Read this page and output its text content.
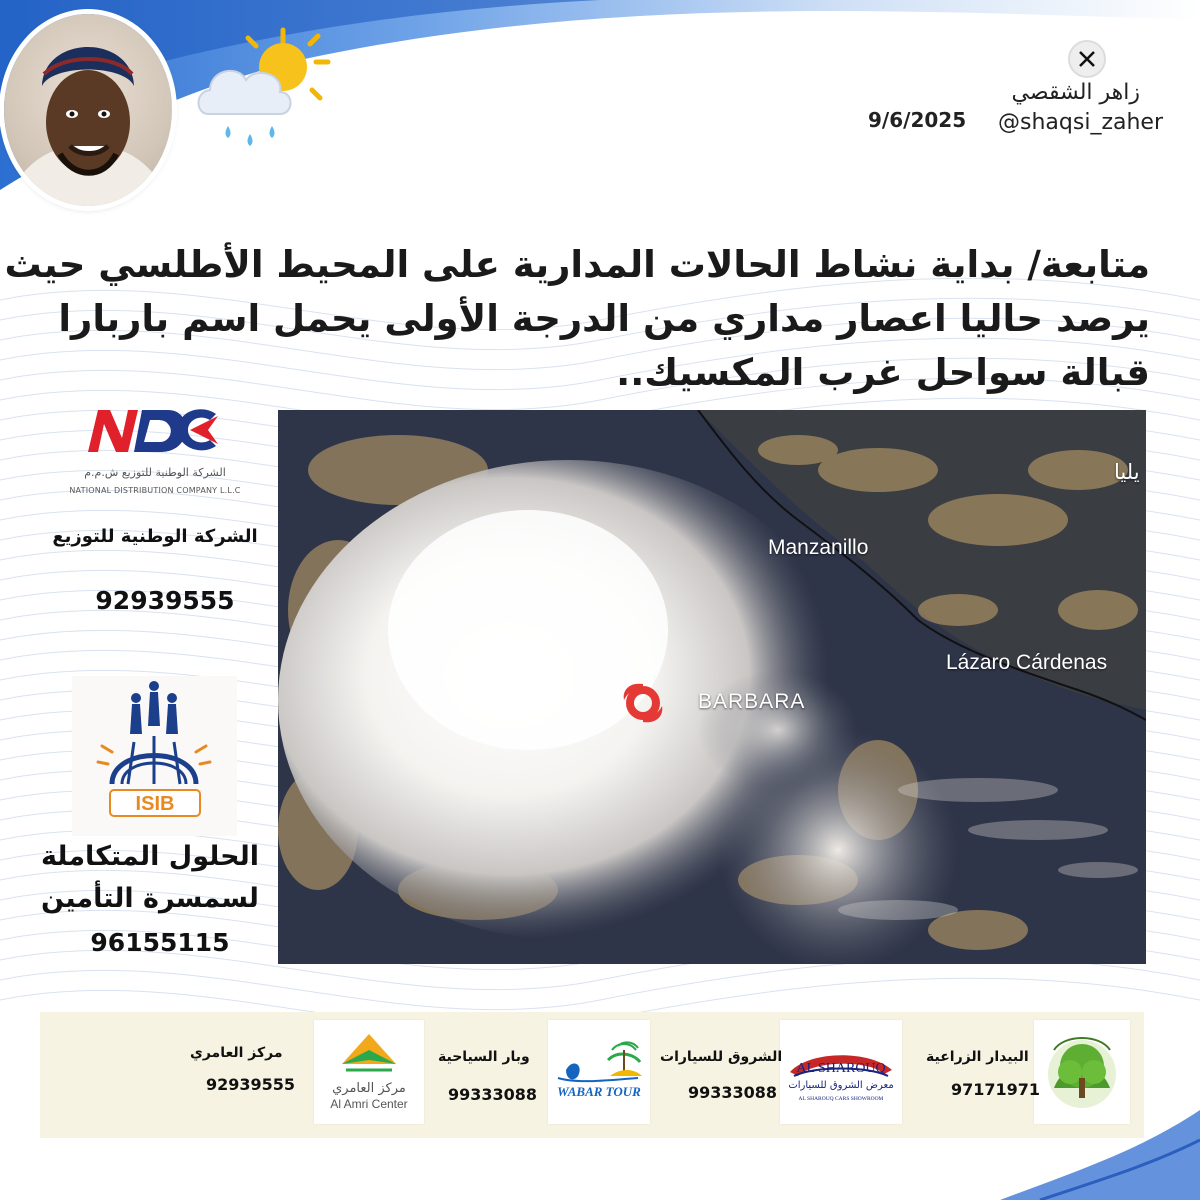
9/6/2025
زاهر الشقصي
@shaqsi_zaher
متابعة/ بداية نشاط الحالات المدارية على المحيط الأطلسي حيث
يرصد حاليا اعصار مداري من الدرجة الأولى يحمل اسم باربارا
قبالة سواحل غرب المكسيك..
Manzanillo
Lázaro Cárdenas
يليا
BARBARA
الشركة الوطنية للتوزيع ش.م.م
NATIONAL DISTRIBUTION COMPANY L.L.C
الشركة الوطنية للتوزيع
92939555
ISIB
الحلول المتكاملة
لسمسرة التأمين
96155115
البيدار الزراعية
97171971
AL SHAROUQ
معرض الشروق للسيارات
AL SHAROUQ CARS SHOWROOM
الشروق للسيارات
99333088
WABAR TOUR
وبار السياحية
99333088
مركز العامري
Al Amri Center
مركز العامري
92939555
